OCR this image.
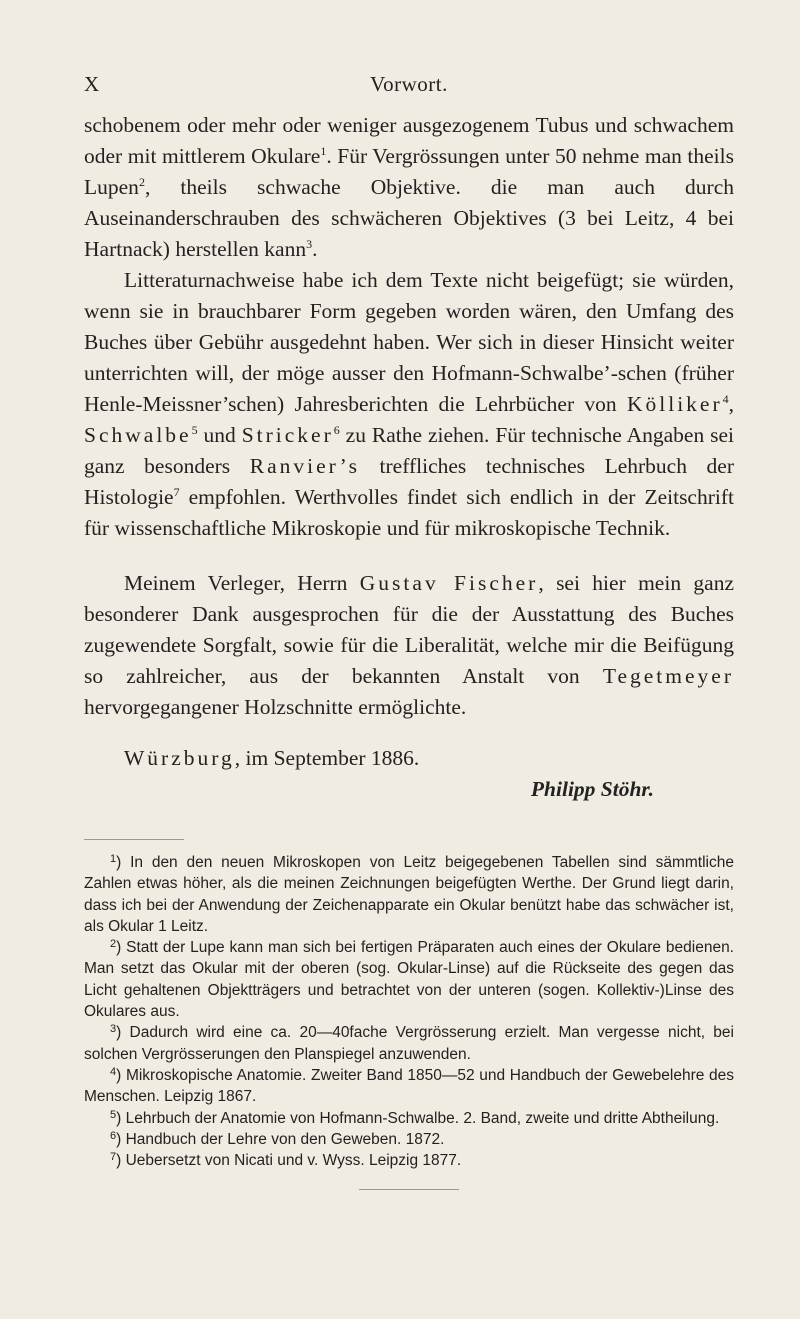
X	Vorwort.

schobenem oder mehr oder weniger ausgezogenem Tubus und schwachem oder mit mittlerem Okulare$^1$. Für Vergrössungen unter 50 nehme man theils Lupen$^2$, theils schwache Objektive. die man auch durch Auseinanderschrauben des schwächeren Objektives (3 bei Leitz, 4 bei Hartnack) herstellen kann$^3$.

Litteraturnachweise habe ich dem Texte nicht beigefügt; sie würden, wenn sie in brauchbarer Form gegeben worden wären, den Umfang des Buches über Gebühr ausgedehnt haben. Wer sich in dieser Hinsicht weiter unterrichten will, der möge ausser den Hofmann-Schwalbe’-schen (früher Henle-Meissner’schen) Jahresberichten die Lehrbücher von Kölliker$^4$, Schwalbe$^5$ und Stricker$^6$ zu Rathe ziehen. Für technische Angaben sei ganz besonders Ranvier’s treffliches technisches Lehrbuch der Histologie$^7$ empfohlen. Werthvolles findet sich endlich in der Zeitschrift für wissenschaftliche Mikroskopie und für mikroskopische Technik.

Meinem Verleger, Herrn Gustav Fischer, sei hier mein ganz besonderer Dank ausgesprochen für die der Ausstattung des Buches zugewendete Sorgfalt, sowie für die Liberalität, welche mir die Beifügung so zahlreicher, aus der bekannten Anstalt von Tegetmeyer hervorgegangener Holzschnitte ermöglichte.

Würzburg, im September 1886.

Philipp Stöhr.

$^1$) In den den neuen Mikroskopen von Leitz beigegebenen Tabellen sind sämmtliche Zahlen etwas höher, als die meinen Zeichnungen beigefügten Werthe. Der Grund liegt darin, dass ich bei der Anwendung der Zeichenapparate ein Okular benützt habe das schwächer ist, als Okular 1 Leitz.

$^2$) Statt der Lupe kann man sich bei fertigen Präparaten auch eines der Okulare bedienen. Man setzt das Okular mit der oberen (sog. Okular-Linse) auf die Rückseite des gegen das Licht gehaltenen Objektträgers und betrachtet von der unteren (sogen. Kollektiv-)Linse des Okulares aus.

$^3$) Dadurch wird eine ca. 20—40fache Vergrösserung erzielt. Man vergesse nicht, bei solchen Vergrösserungen den Planspiegel anzuwenden.

$^4$) Mikroskopische Anatomie. Zweiter Band 1850—52 und Handbuch der Gewebelehre des Menschen. Leipzig 1867.

$^5$) Lehrbuch der Anatomie von Hofmann-Schwalbe. 2. Band, zweite und dritte Abtheilung.

$^6$) Handbuch der Lehre von den Geweben. 1872.

$^7$) Uebersetzt von Nicati und v. Wyss. Leipzig 1877.
